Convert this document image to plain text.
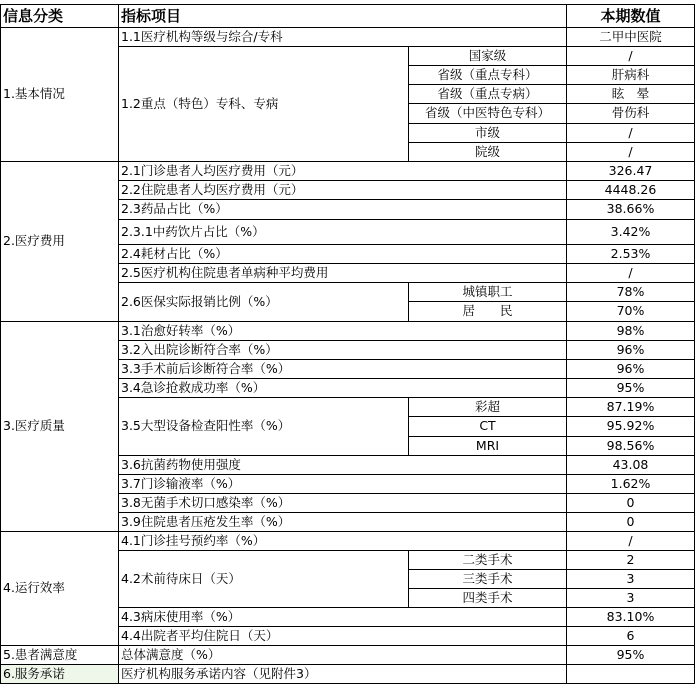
信息分类	指标项目	本期数值
1.基本情况
1.1医疗机构等级与综合/专科	二甲中医院
1.2重点（特色）专科、专病
国家级	/
省级（重点专科）	肝病科
省级（重点专病）	眩　晕
省级（中医特色专科）	骨伤科
市级	/
院级	/
2.医疗费用
2.1门诊患者人均医疗费用（元）	326.47
2.2住院患者人均医疗费用（元）	4448.26
2.3药品占比（%）	38.66%
2.3.1中药饮片占比（%）	3.42%
2.4耗材占比（%）	2.53%
2.5医疗机构住院患者单病种平均费用	/
2.6医保实际报销比例（%）
城镇职工	78%
居　　民	70%
3.医疗质量
3.1治愈好转率（%）	98%
3.2入出院诊断符合率（%）	96%
3.3手术前后诊断符合率（%）	96%
3.4急诊抢救成功率（%）	95%
3.5大型设备检查阳性率（%）
彩超	87.19%
CT	95.92%
MRI	98.56%
3.6抗菌药物使用强度	43.08
3.7门诊输液率（%）	1.62%
3.8无菌手术切口感染率（%）	0
3.9住院患者压疮发生率（%）	0
4.运行效率
4.1门诊挂号预约率（%）	/
4.2术前待床日（天）
二类手术	2
三类手术	3
四类手术	3
4.3病床使用率（%）	83.10%
4.4出院者平均住院日（天）	6
5.患者满意度	总体满意度（%）	95%
6.服务承诺	医疗机构服务承诺内容（见附件3）
